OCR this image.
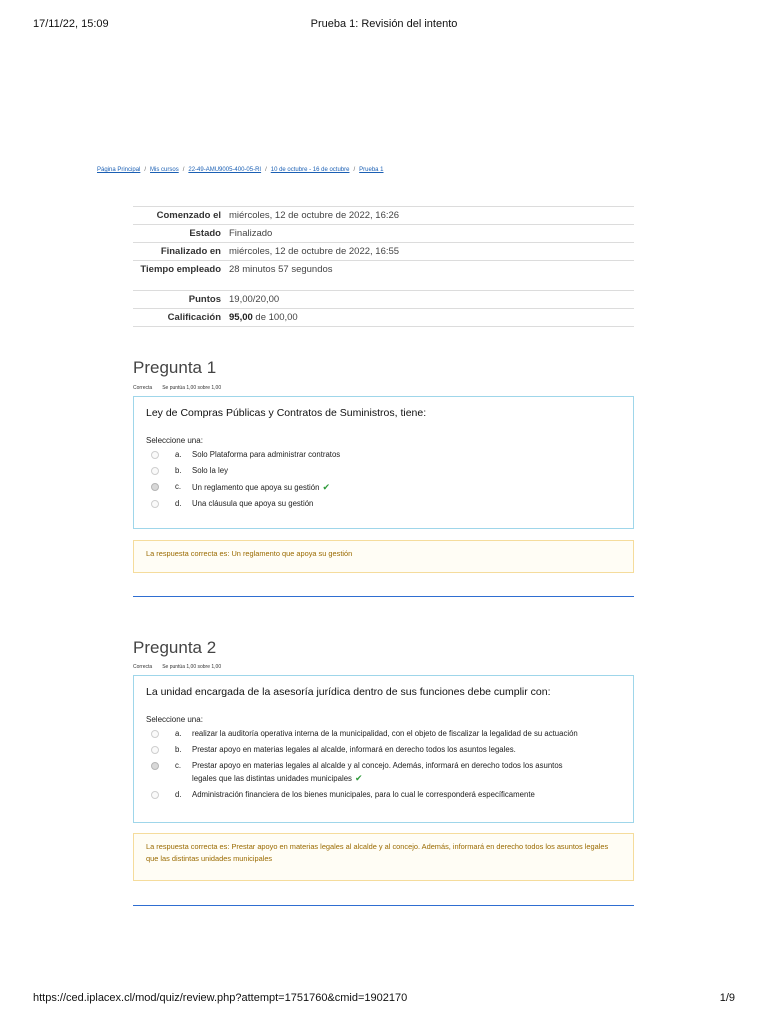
17/11/22, 15:09	Prueba 1: Revisión del intento
Página Principal / Mis cursos / 22-49-AMU9005-400-05-RI / 10 de octubre - 16 de octubre / Prueba 1
Comenzado el	miércoles, 12 de octubre de 2022, 16:26
Estado	Finalizado
Finalizado en	miércoles, 12 de octubre de 2022, 16:55
Tiempo empleado	28 minutos 57 segundos
Puntos	19,00/20,00
Calificación	95,00 de 100,00
Pregunta 1
Correcta Se puntúa 1,00 sobre 1,00
Ley de Compras Públicas y Contratos de Suministros, tiene:
Seleccione una:
a. Solo Plataforma para administrar contratos
b. Solo la ley
c. Un reglamento que apoya su gestión ✔
d. Una cláusula que apoya su gestión
La respuesta correcta es: Un reglamento que apoya su gestión
Pregunta 2
Correcta Se puntúa 1,00 sobre 1,00
La unidad encargada de la asesoría jurídica dentro de sus funciones debe cumplir con:
Seleccione una:
a. realizar la auditoría operativa interna de la municipalidad, con el objeto de fiscalizar la legalidad de su actuación
b. Prestar apoyo en materias legales al alcalde, informará en derecho todos los asuntos legales.
c. Prestar apoyo en materias legales al alcalde y al concejo. Además, informará en derecho todos los asuntos legales que las distintas unidades municipales ✔
d. Administración financiera de los bienes municipales, para lo cual le corresponderá específicamente
La respuesta correcta es: Prestar apoyo en materias legales al alcalde y al concejo. Además, informará en derecho todos los asuntos legales que las distintas unidades municipales
https://ced.iplacex.cl/mod/quiz/review.php?attempt=1751760&cmid=1902170	1/9
